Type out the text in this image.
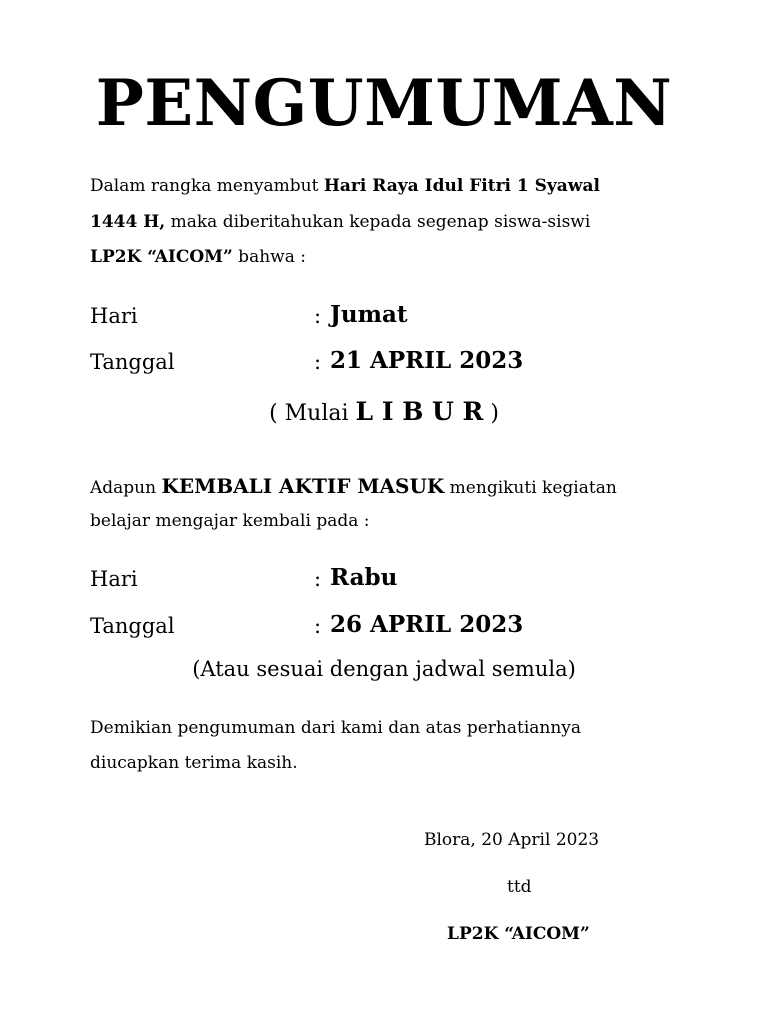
PENGUMUMAN
Dalam rangka menyambut Hari Raya Idul Fitri 1 Syawal
1444 H, maka diberitahukan kepada segenap siswa-siswi
LP2K “AICOM” bahwa :
Hari	: Jumat
Tanggal	: 21 APRIL 2023
( Mulai L I B U R )
Adapun KEMBALI AKTIF MASUK mengikuti kegiatan
belajar mengajar kembali pada :
Hari	: Rabu
Tanggal	: 26 APRIL 2023
(Atau sesuai dengan jadwal semula)
Demikian pengumuman dari kami dan atas perhatiannya
diucapkan terima kasih.
Blora, 20 April 2023
ttd
LP2K “AICOM”
